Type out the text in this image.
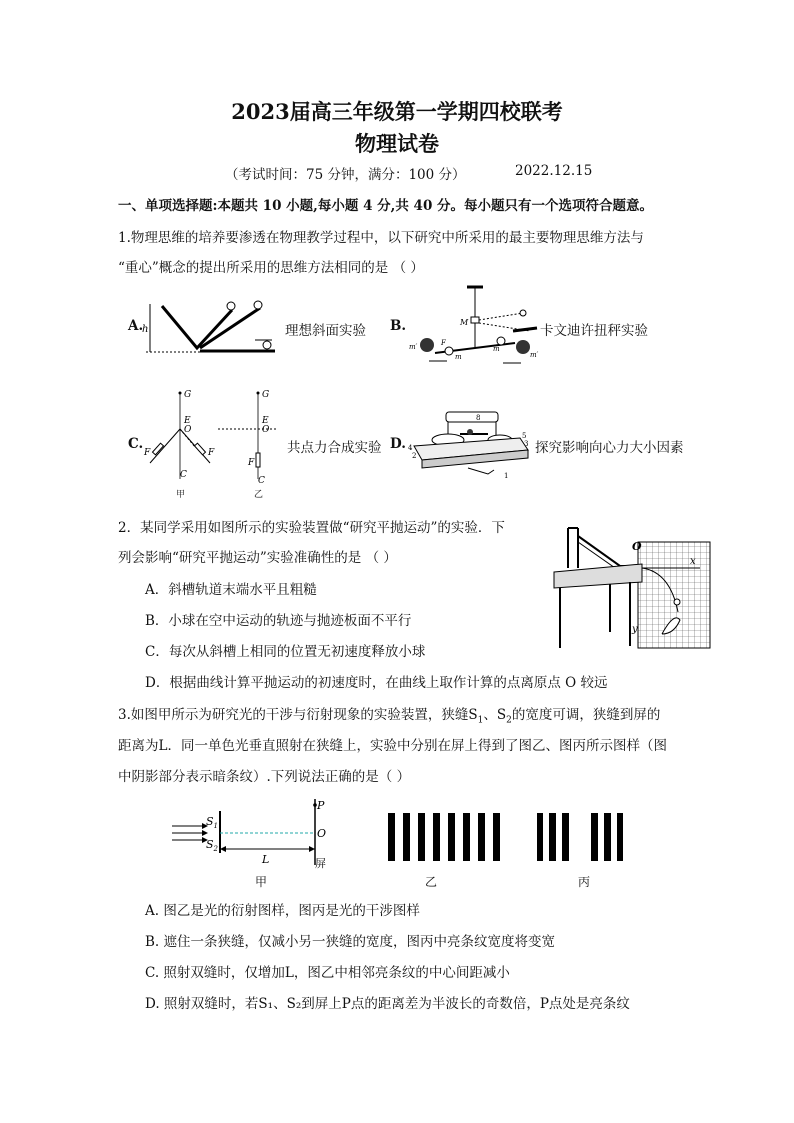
2023届高三年级第一学期四校联考
物理试卷
（考试时间：75 分钟，满分：100 分）	2022.12.15
一、单项选择题:本题共 10 小题,每小题 4 分,共 40 分。每小题只有一个选项符合题意。
1.物理思维的培养要渗透在物理教学过程中，以下研究中所采用的最主要物理思维方法与
“重心”概念的提出所采用的思维方法相同的是 （ ）
A.
h	理想斜面实验 B.	M
m′	F
m
m
m′
卡文迪许扭秤实验
C.
G
E
O
F	F
C
G
E
O
F
C
甲	乙
共点力合成实验 D.
8
4
2
5
3
1
探究影响向心力大小因素
2．某同学采用如图所示的实验装置做“研究平抛运动”的实验．下
列会影响“研究平抛运动”实验准确性的是 （ ）
A．斜槽轨道末端水平且粗糙
B．小球在空中运动的轨迹与抛迹板面不平行
C．每次从斜槽上相同的位置无初速度释放小球
D．根据曲线计算平抛运动的初速度时，在曲线上取作计算的点离原点 O 较远
O
x
y
3.如图甲所示为研究光的干涉与衍射现象的实验装置，狭缝$S_1$、$S_2$的宽度可调，狭缝到屏的
距离为L．同一单色光垂直照射在狭缝上，实验中分别在屏上得到了图乙、图丙所示图样（图
中阴影部分表示暗条纹）.下列说法正确的是（ ）
$S_1$
$S_2$
P
O
L	屏
甲	乙	丙
A. 图乙是光的衍射图样，图丙是光的干涉图样
B. 遮住一条狭缝，仅减小另一狭缝的宽度，图丙中亮条纹宽度将变宽
C. 照射双缝时，仅增加L，图乙中相邻亮条纹的中心间距减小
D. 照射双缝时，若S₁、S₂到屏上P点的距离差为半波长的奇数倍，P点处是亮条纹
